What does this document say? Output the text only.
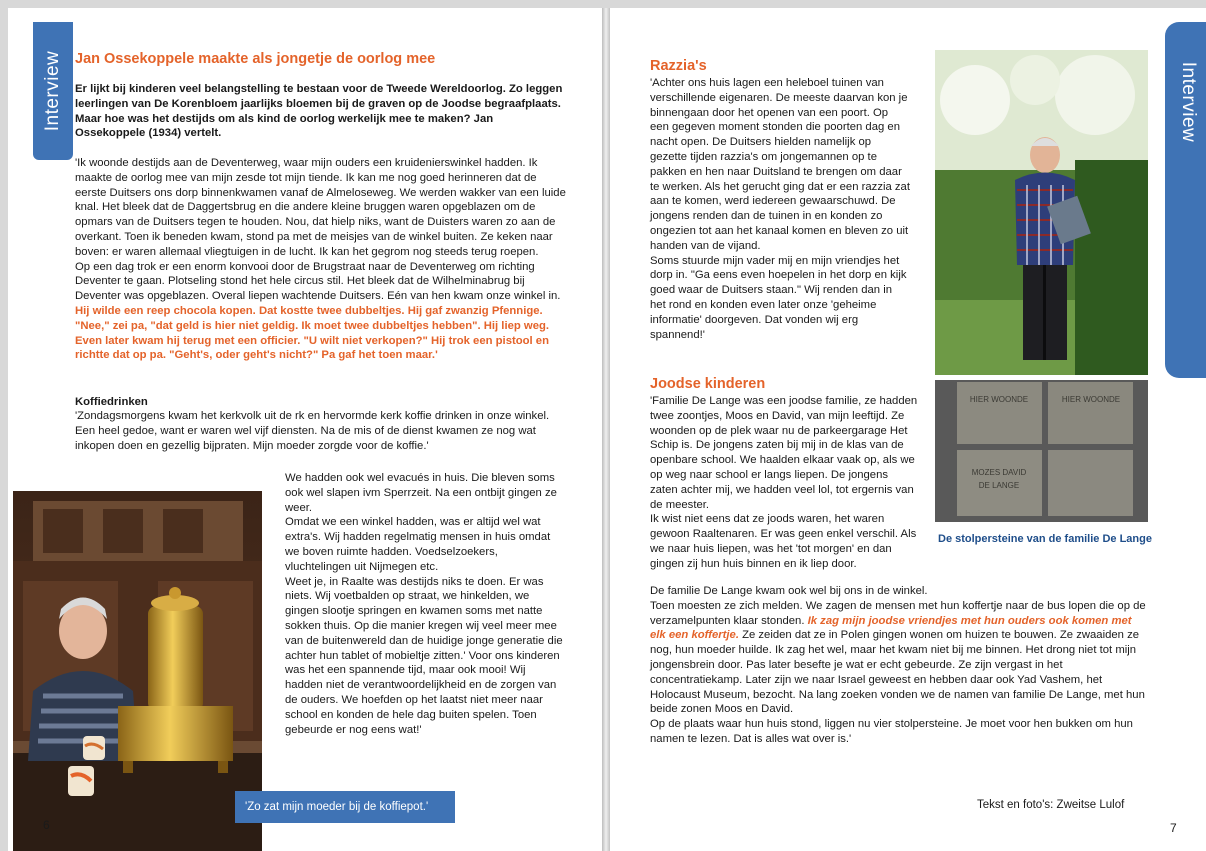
Interview Jan Ossekoppele maakte als jongetje de oorlog mee
Er lijkt bij kinderen veel belangstelling te bestaan voor de Tweede Wereldoorlog. Zo leggen leerlingen van De Korenbloem jaarlijks bloemen bij de graven op de Joodse begraafplaats. Maar hoe was het destijds om als kind de oorlog werkelijk mee te maken? Jan Ossekoppele (1934) vertelt.

'Ik woonde destijds aan de Deventerweg, waar mijn ouders een kruidenierswinkel hadden. Ik maakte de oorlog mee van mijn zesde tot mijn tiende. Ik kan me nog goed herinneren dat de eerste Duitsers ons dorp binnenkwamen vanaf de Almeloseweg. We werden wakker van een luide knal. Het bleek dat de Daggertsbrug en die andere kleine bruggen waren opgeblazen om de opmars van de Duitsers tegen te houden. Nou, dat hielp niks, want de Duisters waren zo aan de overkant. Toen ik beneden kwam, stond pa met de meisjes van de winkel buiten. Ze keken naar boven: er waren allemaal vliegtuigen in de lucht. Ik kan het gegrom nog steeds terug roepen.

Op een dag trok er een enorm konvooi door de Brugstraat naar de Deventerweg om richting Deventer te gaan. Plotseling stond het hele circus stil. Het bleek dat de Wilhelminabrug bij Deventer was opgeblazen. Overal liepen wachtende Duitsers. Eén van hen kwam onze winkel in. Hij wilde een reep chocola kopen. Dat kostte twee dubbeltjes. Hij gaf zwanzig Pfennige. "Nee," zei pa, "dat geld is hier niet geldig. Ik moet twee dubbeltjes hebben". Hij liep weg. Even later kwam hij terug met een officier. "U wilt niet verkopen?" Hij trok een pistool en richtte dat op pa. "Geht's, oder geht's nicht?" Pa gaf het toen maar.'

Koffiedrinken
'Zondagsmorgens kwam het kerkvolk uit de rk en hervormde kerk koffie drinken in onze winkel. Een heel gedoe, want er waren wel vijf diensten. Na de mis of de dienst kwamen ze nog wat inkopen doen en gezellig bijpraten. Mijn moeder zorgde voor de koffie.'
'Zo zat mijn moeder bij de koffiepot.'

We hadden ook wel evacués in huis. Die bleven soms ook wel slapen ivm Sperrzeit. Na een ontbijt gingen ze weer.

Omdat we een winkel hadden, was er altijd wel wat extra's. Wij hadden regelmatig mensen in huis omdat we boven ruimte hadden. Voedselzoekers, vluchtelingen uit Nijmegen etc.

Weet je, in Raalte was destijds niks te doen. Er was niets. Wij voetbalden op straat, we hinkelden, we gingen slootje springen en kwamen soms met natte sokken thuis. Op die manier kregen wij veel meer mee van de buitenwereld dan de huidige jonge generatie die achter hun tablet of mobieltje zitten.' Voor ons kinderen was het een spannende tijd, maar ook mooi! Wij hadden niet de verantwoordelijkheid en de zorgen van de ouders. We hoefden op het laatst niet meer naar school en konden de hele dag buiten spelen. Toen gebeurde er nog eens wat!'

6
Interview
Razzia's

'Achter ons huis lagen een heleboel tuinen van verschillende eigenaren. De meeste daarvan kon je binnengaan door het openen van een poort. Op een gegeven moment stonden die poorten dag en nacht open. De Duitsers hielden namelijk op gezette tijden razzia's om jongemannen op te pakken en hen naar Duitsland te brengen om daar te werken. Als het gerucht ging dat er een razzia zat aan te komen, werd iedereen gewaarschuwd. De jongens renden dan de tuinen in en konden zo ongezien tot aan het kanaal komen en bleven zo uit handen van de vijand.

Soms stuurde mijn vader mij en mijn vriendjes het dorp in. "Ga eens even hoepelen in het dorp en kijk goed waar de Duitsers staan." Wij renden dan in het rond en konden even later onze 'geheime informatie' doorgeven. Dat vonden wij erg spannend!'

Joodse kinderen

'Familie De Lange was een joodse familie, ze hadden twee zoontjes, Moos en David, van mijn leeftijd. Ze woonden op de plek waar nu de parkeergarage Het Schip is. De jongens zaten bij mij in de klas van de openbare school. We haalden elkaar vaak op, als we op weg naar school er langs liepen. De jongens zaten achter mij, we hadden veel lol, tot ergernis van de meester.

Ik wist niet eens dat ze joods waren, het waren gewoon Raaltenaren. Er was geen enkel verschil. Als we naar huis liepen, was het 'tot morgen' en dan gingen zij hun huis binnen en ik liep door.

De familie De Lange kwam ook wel bij ons in de winkel.

Toen moesten ze zich melden. We zagen de mensen met hun koffertje naar de bus lopen die op de verzamelpunten klaar stonden. Ik zag mijn joodse vriendjes met hun ouders ook komen met elk een koffertje. Ze zeiden dat ze in Polen gingen wonen om huizen te bouwen. Ze zwaaiden ze nog, hun moeder huilde. Ik zag het wel, maar het kwam niet bij me binnen. Het drong niet tot mijn jongensbrein door. Pas later besefte je wat er echt gebeurde. Ze zijn vergast in het concentratiekamp. Later zijn we naar Israel geweest en hebben daar ook Yad Vashem, het Holocaust Museum, bezocht. Na lang zoeken vonden we de namen van familie De Lange, met hun beide zonen Moos en David.

Op de plaats waar hun huis stond, liggen nu vier stolpersteine. Je moet voor hen bukken om hun namen te lezen. Dat is alles wat over is.'

HIER WOONDE	HIER WOONDE
MOZES DAVID
DE LANGE
De stolpersteine van de familie De Lange
Tekst en foto's: Zweitse Lulof
7
